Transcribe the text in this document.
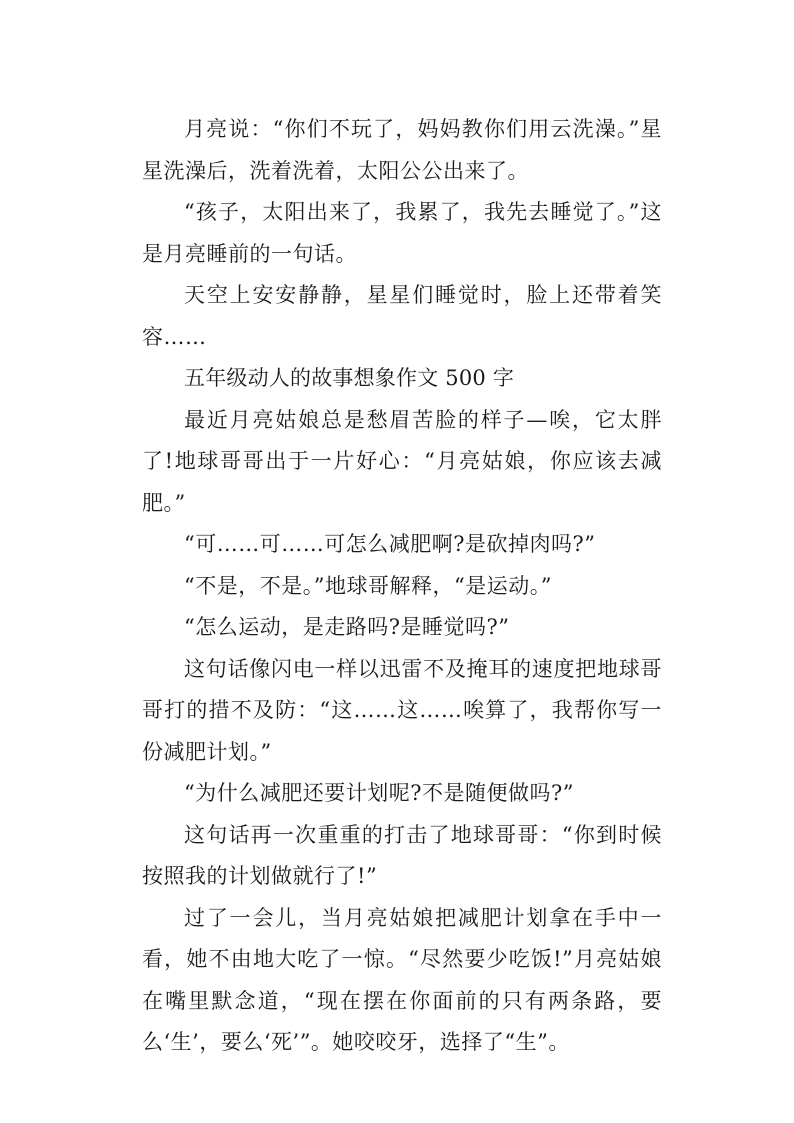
月亮说：“你们不玩了，妈妈教你们用云洗澡。”星星洗澡后，洗着洗着，太阳公公出来了。

“孩子，太阳出来了，我累了，我先去睡觉了。”这是月亮睡前的一句话。

天空上安安静静，星星们睡觉时，脸上还带着笑容……

五年级动人的故事想象作文 500 字

最近月亮姑娘总是愁眉苦脸的样子—唉，它太胖了!地球哥哥出于一片好心：“月亮姑娘，你应该去减肥。”

“可……可……可怎么减肥啊?是砍掉肉吗?”

“不是，不是。”地球哥解释，“是运动。”

“怎么运动，是走路吗?是睡觉吗?”

这句话像闪电一样以迅雷不及掩耳的速度把地球哥哥打的措不及防：“这……这……唉算了，我帮你写一份减肥计划。”

“为什么减肥还要计划呢?不是随便做吗?”

这句话再一次重重的打击了地球哥哥：“你到时候按照我的计划做就行了!”

过了一会儿，当月亮姑娘把减肥计划拿在手中一看，她不由地大吃了一惊。“尽然要少吃饭!”月亮姑娘在嘴里默念道，“现在摆在你面前的只有两条路，要么‘生’，要么‘死’”。她咬咬牙，选择了“生”。
